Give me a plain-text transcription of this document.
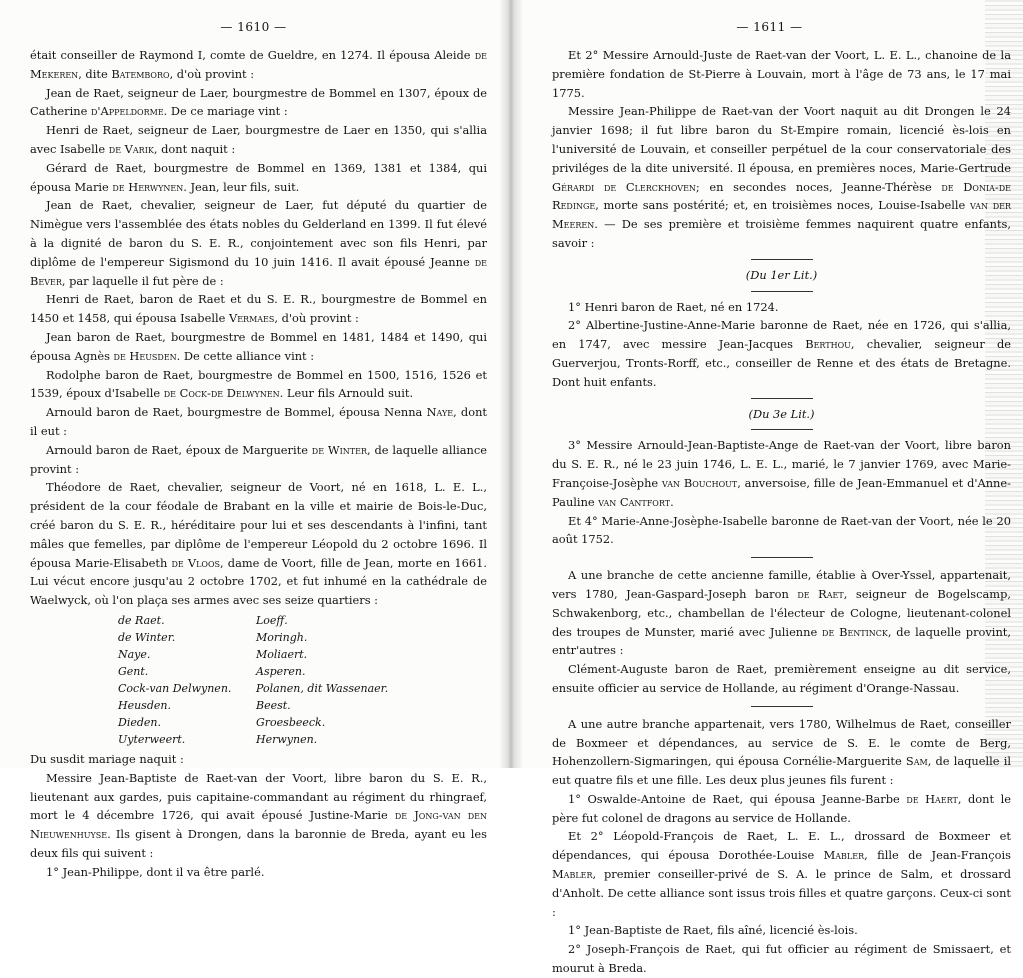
— 1610 —

était conseiller de Raymond I, comte de Gueldre, en 1274. Il épousa Aleide de Mekeren, dite Batemboro, d'où provint :

Jean de Raet, seigneur de Laer, bourgmestre de Bommel en 1307, époux de Catherine d'Appeldorme. De ce mariage vint :

Henri de Raet, seigneur de Laer, bourgmestre de Laer en 1350, qui s'allia avec Isabelle de Varik, dont naquit :

Gérard de Raet, bourgmestre de Bommel en 1369, 1381 et 1384, qui épousa Marie de Herwynen. Jean, leur fils, suit.

Jean de Raet, chevalier, seigneur de Laer, fut député du quartier de Nimègue vers l'assemblée des états nobles du Gelderland en 1399. Il fut élevé à la dignité de baron du S. E. R., conjointement avec son fils Henri, par diplôme de l'empereur Sigismond du 10 juin 1416. Il avait épousé Jeanne de Bever, par laquelle il fut père de :

Henri de Raet, baron de Raet et du S. E. R., bourgmestre de Bommel en 1450 et 1458, qui épousa Isabelle Vermaes, d'où provint :

Jean baron de Raet, bourgmestre de Bommel en 1481, 1484 et 1490, qui épousa Agnès de Heusden. De cette alliance vint :

Rodolphe baron de Raet, bourgmestre de Bommel en 1500, 1516, 1526 et 1539, époux d'Isabelle de Cock-de Delwynen. Leur fils Arnould suit.

Arnould baron de Raet, bourgmestre de Bommel, épousa Nenna Naye, dont il eut :

Arnould baron de Raet, époux de Marguerite de Winter, de laquelle alliance provint :

Théodore de Raet, chevalier, seigneur de Voort, né en 1618, L. E. L., président de la cour féodale de Brabant en la ville et mairie de Bois-le-Duc, créé baron du S. E. R., héréditaire pour lui et ses descendants à l'infini, tant mâles que femelles, par diplôme de l'empereur Léopold du 2 octobre 1696. Il épousa Marie-Elisabeth de Vloos, dame de Voort, fille de Jean, morte en 1661. Lui vécut encore jusqu'au 2 octobre 1702, et fut inhumé en la cathédrale de Waelwyck, où l'on plaça ses armes avec ses seize quartiers :

de Raet.
de Winter.
Naye.
Gent.
Cock-van Delwynen.
Heusden.
Dieden.
Uyterweert.
Loeff.
Moringh.
Moliaert.
Asperen.
Polanen, dit Wassenaer.
Beest.
Groesbeeck.
Herwynen.

Du susdit mariage naquit :

Messire Jean-Baptiste de Raet-van der Voort, libre baron du S. E. R., lieutenant aux gardes, puis capitaine-commandant au régiment du rhingraef, mort le 4 décembre 1726, qui avait épousé Justine-Marie de Jong-van den Nieuwenhuyse. Ils gisent à Drongen, dans la baronnie de Breda, ayant eu les deux fils qui suivent :

1° Jean-Philippe, dont il va être parlé.

— 1611 —

Et 2° Messire Arnould-Juste de Raet-van der Voort, L. E. L., chanoine de la première fondation de St-Pierre à Louvain, mort à l'âge de 73 ans, le 17 mai 1775.

Messire Jean-Philippe de Raet-van der Voort naquit au dit Drongen le 24 janvier 1698; il fut libre baron du St-Empire romain, licencié ès-lois en l'université de Louvain, et conseiller perpétuel de la cour conservatoriale des priviléges de la dite université. Il épousa, en premières noces, Marie-Gertrude Gérardi de Clerckhoven; en secondes noces, Jeanne-Thérèse de Donia-de Redinge, morte sans postérité; et, en troisièmes noces, Louise-Isabelle van der Meeren. — De ses première et troisième femmes naquirent quatre enfants, savoir :

(Du 1er Lit.)

1° Henri baron de Raet, né en 1724.

2° Albertine-Justine-Anne-Marie baronne de Raet, née en 1726, qui s'allia, en 1747, avec messire Jean-Jacques Berthou, chevalier, seigneur de Guerverjou, Tronts-Rorff, etc., conseiller de Renne et des états de Bretagne. Dont huit enfants.

(Du 3e Lit.)

3° Messire Arnould-Jean-Baptiste-Ange de Raet-van der Voort, libre baron du S. E. R., né le 23 juin 1746, L. E. L., marié, le 7 janvier 1769, avec Marie-Françoise-Josèphe van Bouchout, anversoise, fille de Jean-Emmanuel et d'Anne-Pauline van Cantfort.

Et 4° Marie-Anne-Josèphe-Isabelle baronne de Raet-van der Voort, née le 20 août 1752.

A une branche de cette ancienne famille, établie à Over-Yssel, appartenait, vers 1780, Jean-Gaspard-Joseph baron de Raet, seigneur de Bogelscamp, Schwakenborg, etc., chambellan de l'électeur de Cologne, lieutenant-colonel des troupes de Munster, marié avec Julienne de Bentinck, de laquelle provint, entr'autres :

Clément-Auguste baron de Raet, premièrement enseigne au dit service, ensuite officier au service de Hollande, au régiment d'Orange-Nassau.

A une autre branche appartenait, vers 1780, Wilhelmus de Raet, conseiller de Boxmeer et dépendances, au service de S. E. le comte de Berg, Hohenzollern-Sigmaringen, qui épousa Cornélie-Marguerite Sam, de laquelle il eut quatre fils et une fille. Les deux plus jeunes fils furent :

1° Oswalde-Antoine de Raet, qui épousa Jeanne-Barbe de Haert, dont le père fut colonel de dragons au service de Hollande.

Et 2° Léopold-François de Raet, L. E. L., drossard de Boxmeer et dépendances, qui épousa Dorothée-Louise Mabler, fille de Jean-François Mabler, premier conseiller-privé de S. A. le prince de Salm, et drossard d'Anholt. De cette alliance sont issus trois filles et quatre garçons. Ceux-ci sont :

1° Jean-Baptiste de Raet, fils aîné, licencié ès-lois.

2° Joseph-François de Raet, qui fut officier au régiment de Smissaert, et mourut à Breda.
